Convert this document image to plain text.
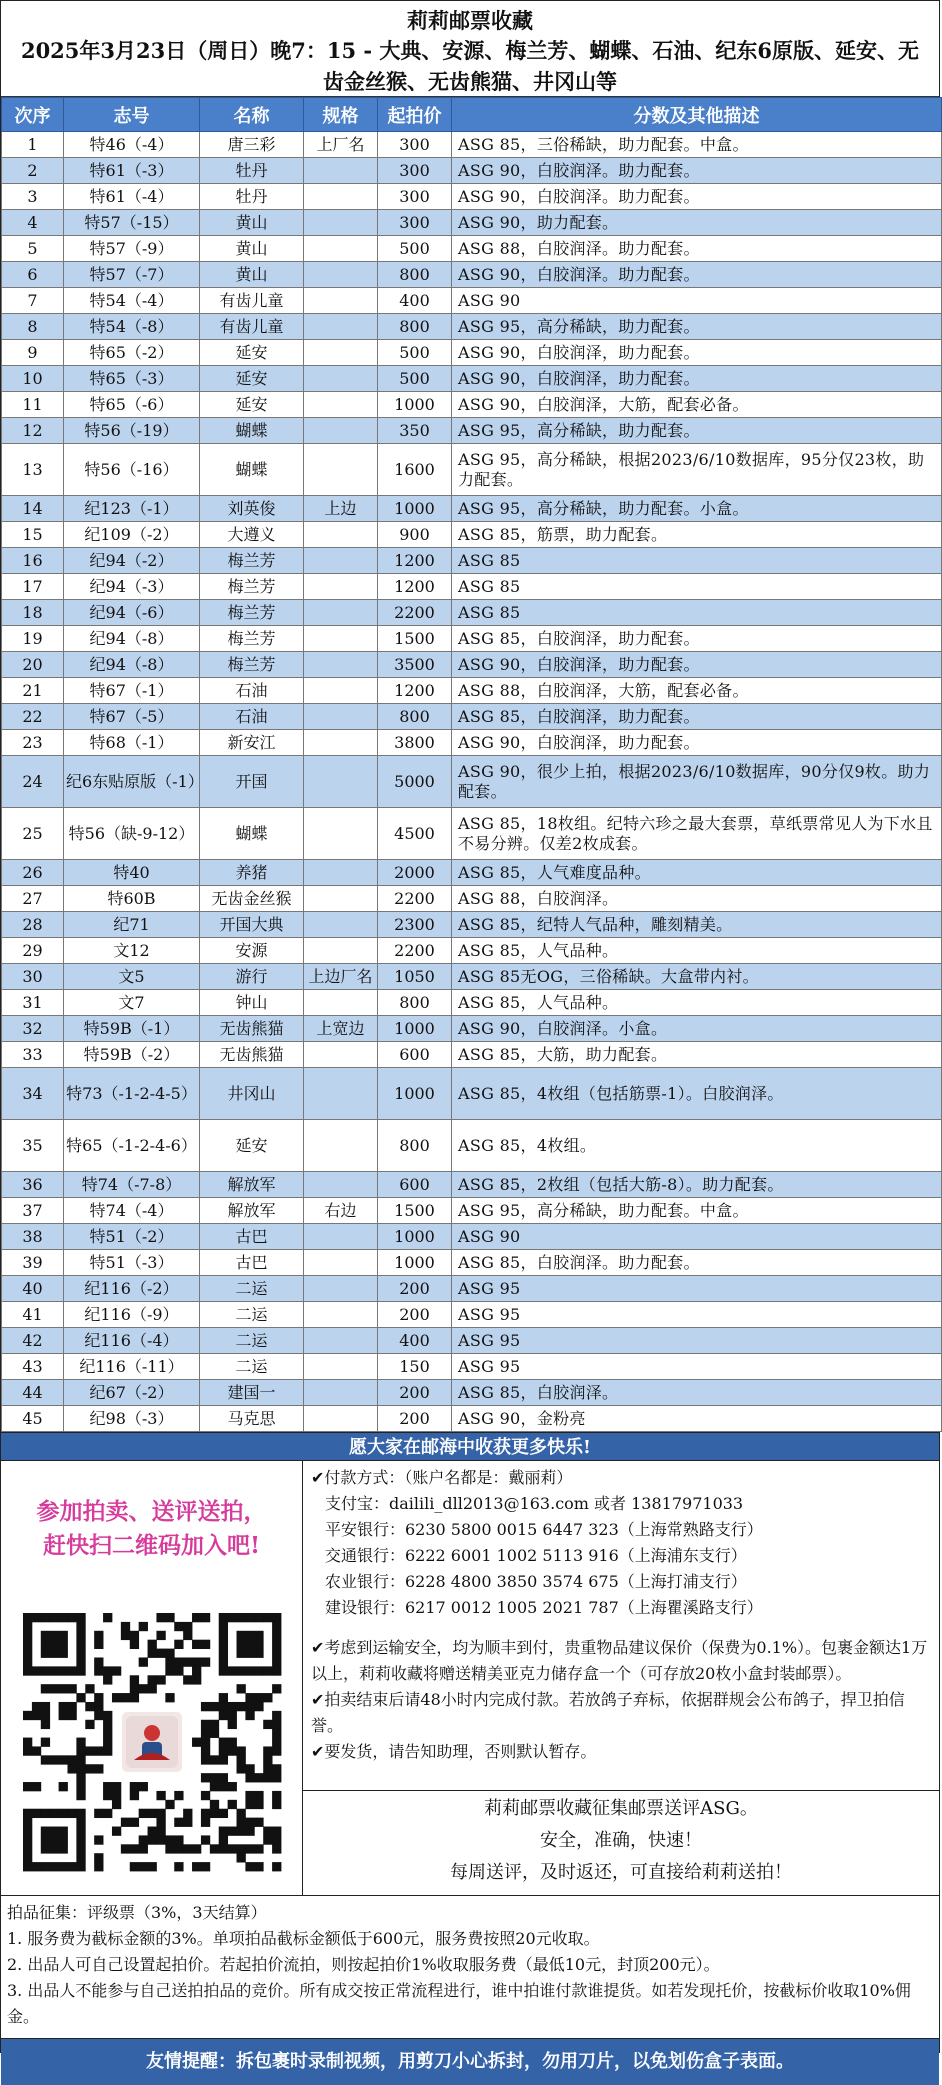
莉莉邮票收藏
2025年3月23日（周日）晚7：15 - 大典、安源、梅兰芳、蝴蝶、石油、纪东6原版、延安、无
齿金丝猴、无齿熊猫、井冈山等
次序	志号	名称	规格	起拍价	分数及其他描述
1	特46（-4）	唐三彩	上厂名	300	ASG 85，三俗稀缺，助力配套。中盒。
2	特61（-3）	牡丹		300	ASG 90，白胶润泽。助力配套。
3	特61（-4）	牡丹		300	ASG 90，白胶润泽。助力配套。
4	特57（-15）	黄山		300	ASG 90，助力配套。
5	特57（-9）	黄山		500	ASG 88，白胶润泽。助力配套。
6	特57（-7）	黄山		800	ASG 90，白胶润泽。助力配套。
7	特54（-4）	有齿儿童		400	ASG 90
8	特54（-8）	有齿儿童		800	ASG 95，高分稀缺，助力配套。
9	特65（-2）	延安		500	ASG 90，白胶润泽，助力配套。
10	特65（-3）	延安		500	ASG 90，白胶润泽，助力配套。
11	特65（-6）	延安		1000	ASG 90，白胶润泽，大筋，配套必备。
12	特56（-19）	蝴蝶		350	ASG 95，高分稀缺，助力配套。
13	特56（-16）	蝴蝶		1600	ASG 95，高分稀缺，根据2023/6/10数据库，95分仅23枚，助力配套。
14	纪123（-1）	刘英俊	上边	1000	ASG 95，高分稀缺，助力配套。小盒。
15	纪109（-2）	大遵义		900	ASG 85，筋票，助力配套。
16	纪94（-2）	梅兰芳		1200	ASG 85
17	纪94（-3）	梅兰芳		1200	ASG 85
18	纪94（-6）	梅兰芳		2200	ASG 85
19	纪94（-8）	梅兰芳		1500	ASG 85，白胶润泽，助力配套。
20	纪94（-8）	梅兰芳		3500	ASG 90，白胶润泽，助力配套。
21	特67（-1）	石油		1200	ASG 88，白胶润泽，大筋，配套必备。
22	特67（-5）	石油		800	ASG 85，白胶润泽，助力配套。
23	特68（-1）	新安江		3800	ASG 90，白胶润泽，助力配套。
24	纪6东贴原版（-1）	开国		5000	ASG 90，很少上拍，根据2023/6/10数据库，90分仅9枚。助力配套。
25	特56（缺-9-12）	蝴蝶		4500	ASG 85，18枚组。纪特六珍之最大套票，草纸票常见人为下水且不易分辨。仅差2枚成套。
26	特40	养猪		2000	ASG 85，人气难度品种。
27	特60B	无齿金丝猴		2200	ASG 88，白胶润泽。
28	纪71	开国大典		2300	ASG 85，纪特人气品种，雕刻精美。
29	文12	安源		2200	ASG 85，人气品种。
30	文5	游行	上边厂名	1050	ASG 85无OG，三俗稀缺。大盒带内衬。
31	文7	钟山		800	ASG 85，人气品种。
32	特59B（-1）	无齿熊猫	上宽边	1000	ASG 90，白胶润泽。小盒。
33	特59B（-2）	无齿熊猫		600	ASG 85，大筋，助力配套。
34	特73（-1-2-4-5）	井冈山		1000	ASG 85，4枚组（包括筋票-1）。白胶润泽。
35	特65（-1-2-4-6）	延安		800	ASG 85，4枚组。
36	特74（-7-8）	解放军		600	ASG 85，2枚组（包括大筋-8）。助力配套。
37	特74（-4）	解放军	右边	1500	ASG 95，高分稀缺，助力配套。中盒。
38	特51（-2）	古巴		1000	ASG 90
39	特51（-3）	古巴		1000	ASG 85，白胶润泽。助力配套。
40	纪116（-2）	二运		200	ASG 95
41	纪116（-9）	二运		200	ASG 95
42	纪116（-4）	二运		400	ASG 95
43	纪116（-11）	二运		150	ASG 95
44	纪67（-2）	建国一		200	ASG 85，白胶润泽。
45	纪98（-3）	马克思		200	ASG 90，金粉亮
愿大家在邮海中收获更多快乐!
参加拍卖、送评送拍，
赶快扫二维码加入吧!
✔付款方式：（账户名都是：戴丽莉）
支付宝：dailili_dll2013@163.com 或者 13817971033
平安银行：6230 5800 0015 6447 323（上海常熟路支行）
交通银行：6222 6001 1002 5113 916（上海浦东支行）
农业银行：6228 4800 3850 3574 675（上海打浦支行）
建设银行：6217 0012 1005 2021 787（上海瞿溪路支行）
✔考虑到运输安全，均为顺丰到付，贵重物品建议保价（保费为0.1%）。包裹金额达1万以上，莉莉收藏将赠送精美亚克力储存盒一个（可存放20枚小盒封装邮票）。
✔拍卖结束后请48小时内完成付款。若放鸽子弃标，依据群规会公布鸽子，捍卫拍信誉。
✔要发货，请告知助理，否则默认暂存。
莉莉邮票收藏征集邮票送评ASG。
安全，准确，快速！
每周送评，及时返还，可直接给莉莉送拍！
拍品征集：评级票（3%，3天结算）
1. 服务费为截标金额的3%。单项拍品截标金额低于600元，服务费按照20元收取。
2. 出品人可自己设置起拍价。若起拍价流拍，则按起拍价1%收取服务费（最低10元，封顶200元）。
3. 出品人不能参与自己送拍拍品的竞价。所有成交按正常流程进行，谁中拍谁付款谁提货。如若发现托价，按截标价收取10%佣金。
友情提醒：拆包裹时录制视频，用剪刀小心拆封，勿用刀片，以免划伤盒子表面。
